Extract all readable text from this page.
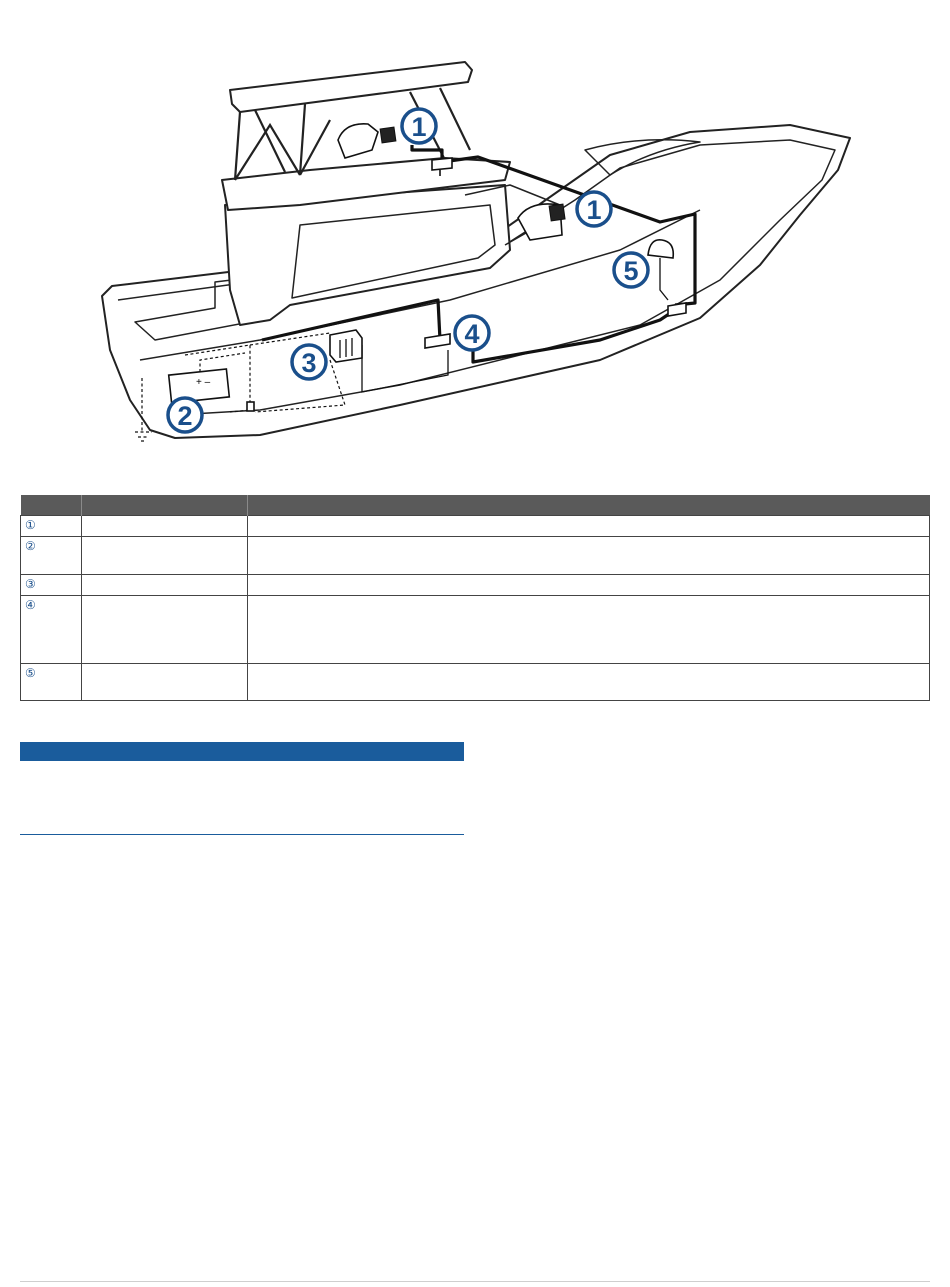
+ –
1
1
2
3
4
5

①		
②		
③		
④		
⑤		
